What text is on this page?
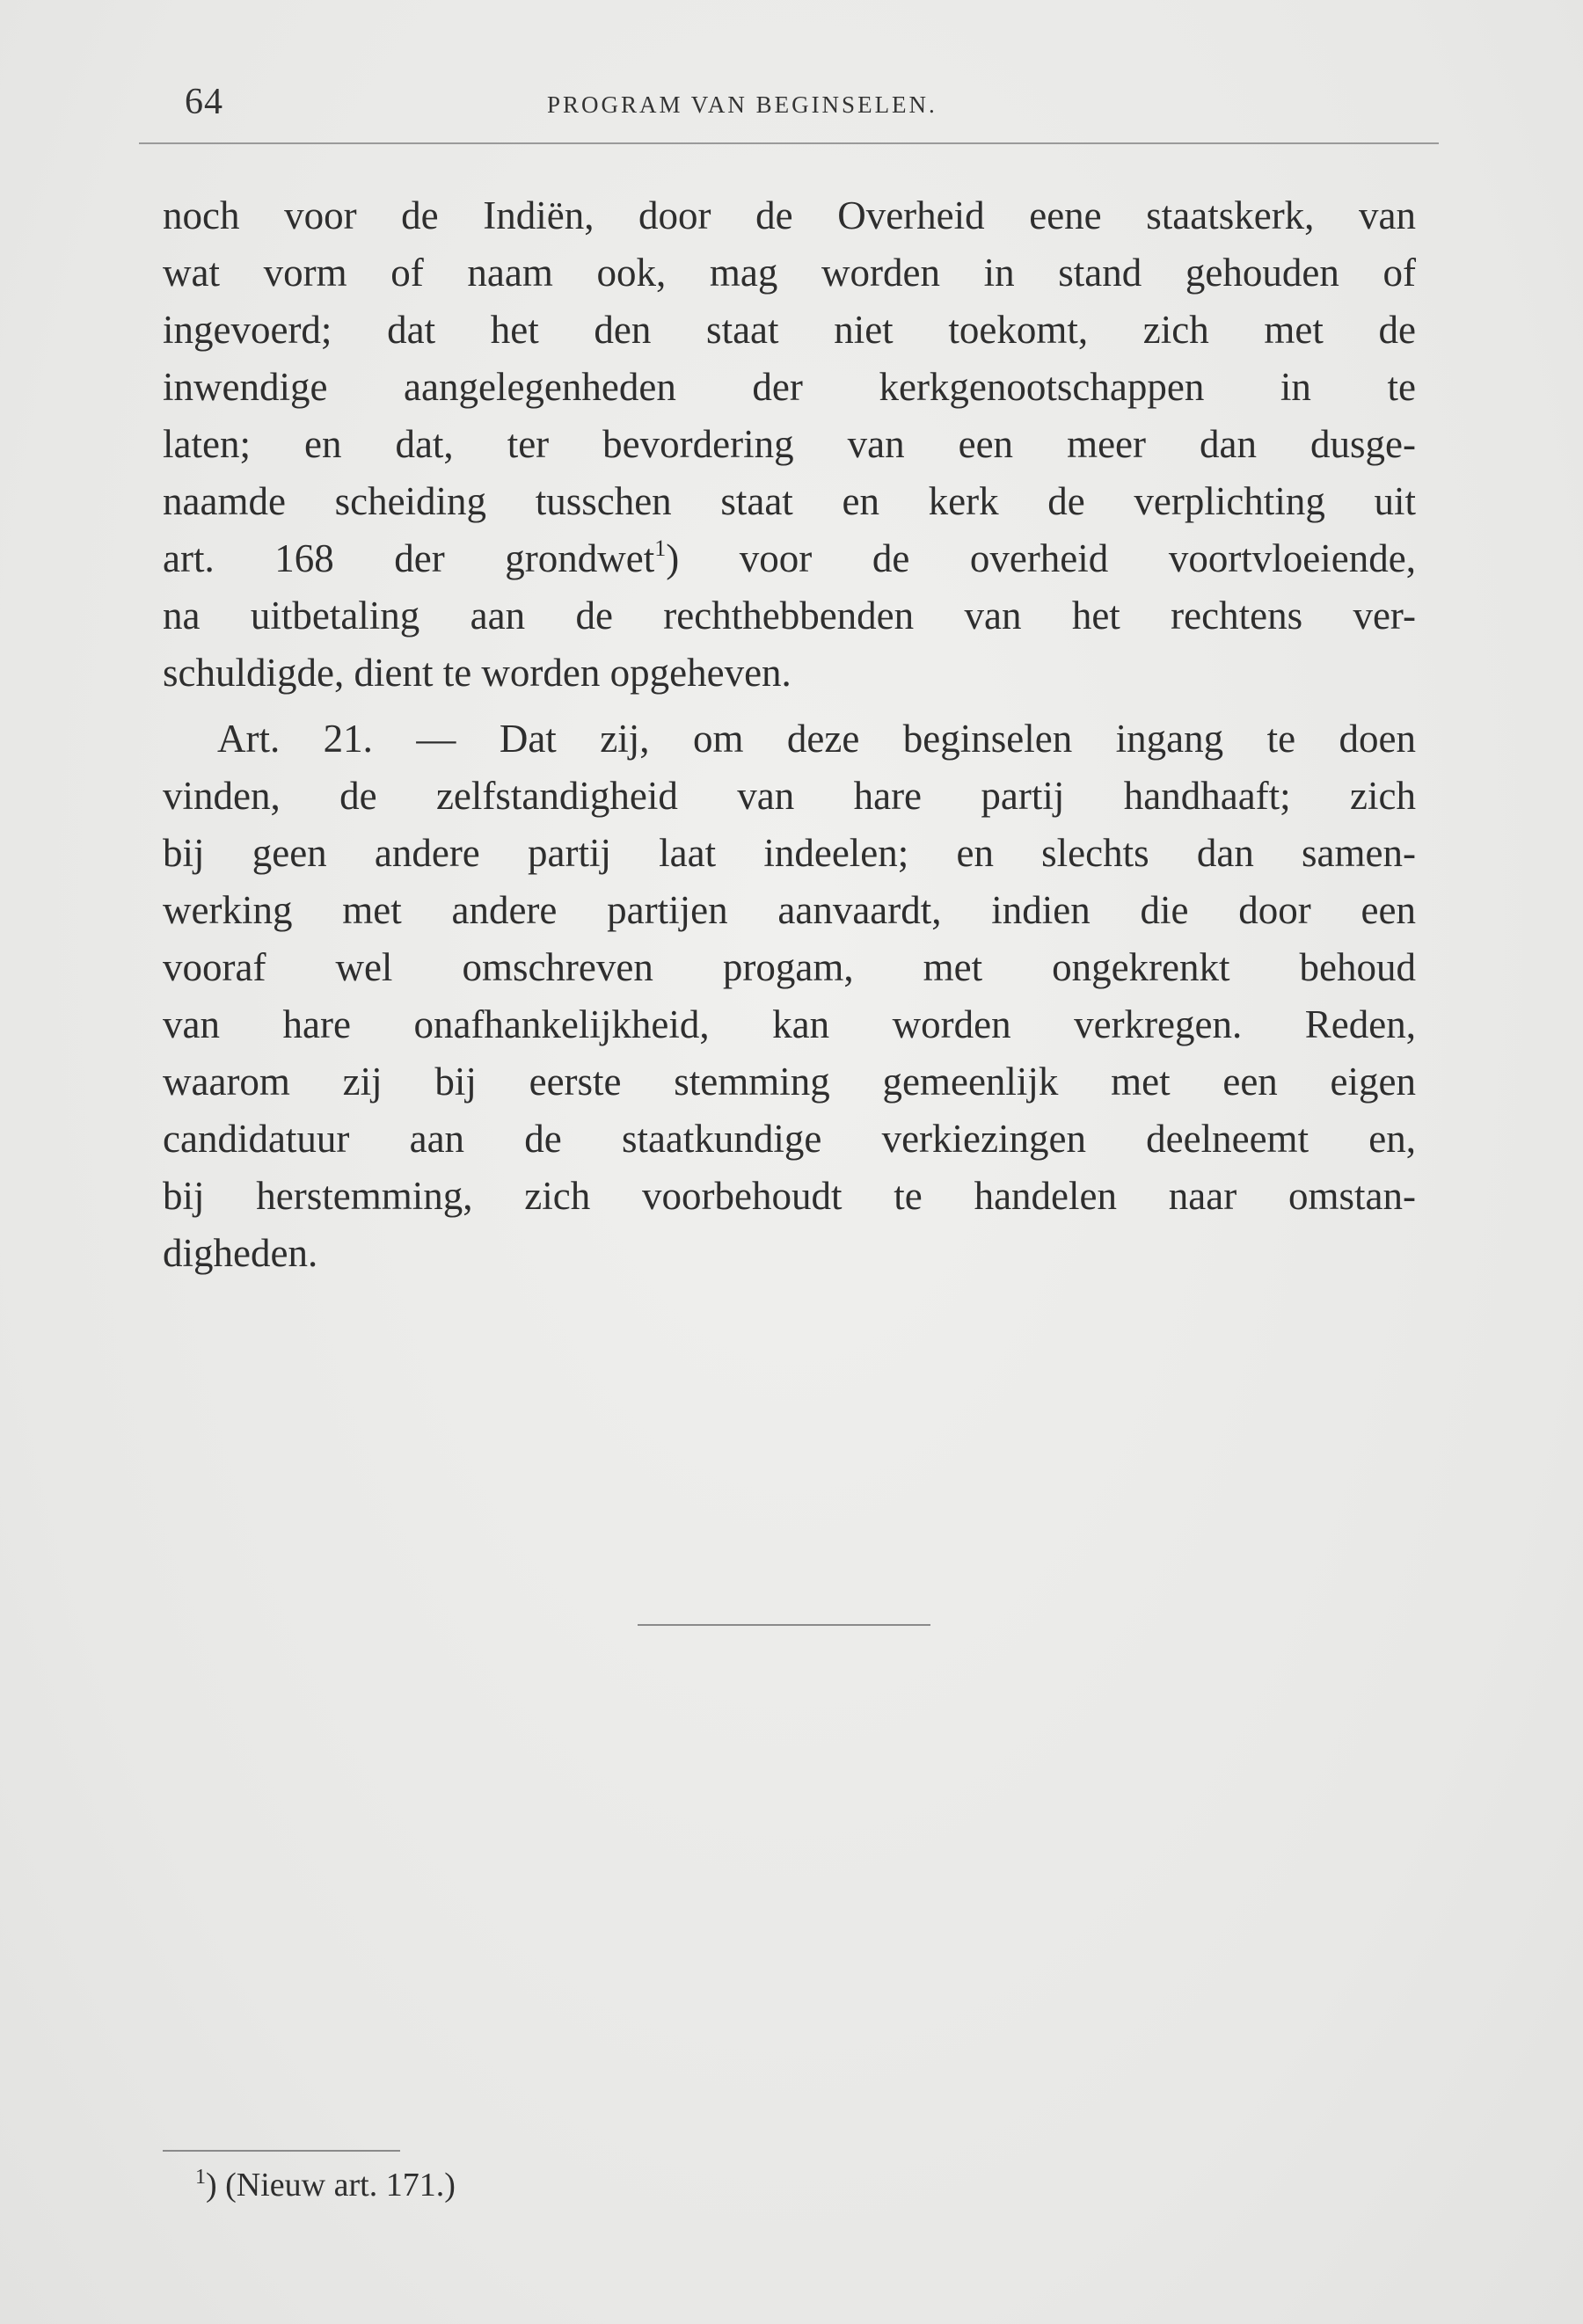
64	PROGRAM VAN BEGINSELEN.
noch voor de Indiën, door de Overheid eene staatskerk, van
wat vorm of naam ook, mag worden in stand gehouden of
ingevoerd; dat het den staat niet toekomt, zich met de
inwendige aangelegenheden der kerkgenootschappen in te
laten; en dat, ter bevordering van een meer dan dusge-
naamde scheiding tusschen staat en kerk de verplichting uit
art. 168 der grondwet$^1$) voor de overheid voortvloeiende,
na uitbetaling aan de rechthebbenden van het rechtens ver-
schuldigde, dient te worden opgeheven.
Art. 21. — Dat zij, om deze beginselen ingang te doen
vinden, de zelfstandigheid van hare partij handhaaft; zich
bij geen andere partij laat indeelen; en slechts dan samen-
werking met andere partijen aanvaardt, indien die door een
vooraf wel omschreven progam, met ongekrenkt behoud
van hare onafhankelijkheid, kan worden verkregen. Reden,
waarom zij bij eerste stemming gemeenlijk met een eigen
candidatuur aan de staatkundige verkiezingen deelneemt en,
bij herstemming, zich voorbehoudt te handelen naar omstan-
digheden.
$^1$) (Nieuw art. 171.)
